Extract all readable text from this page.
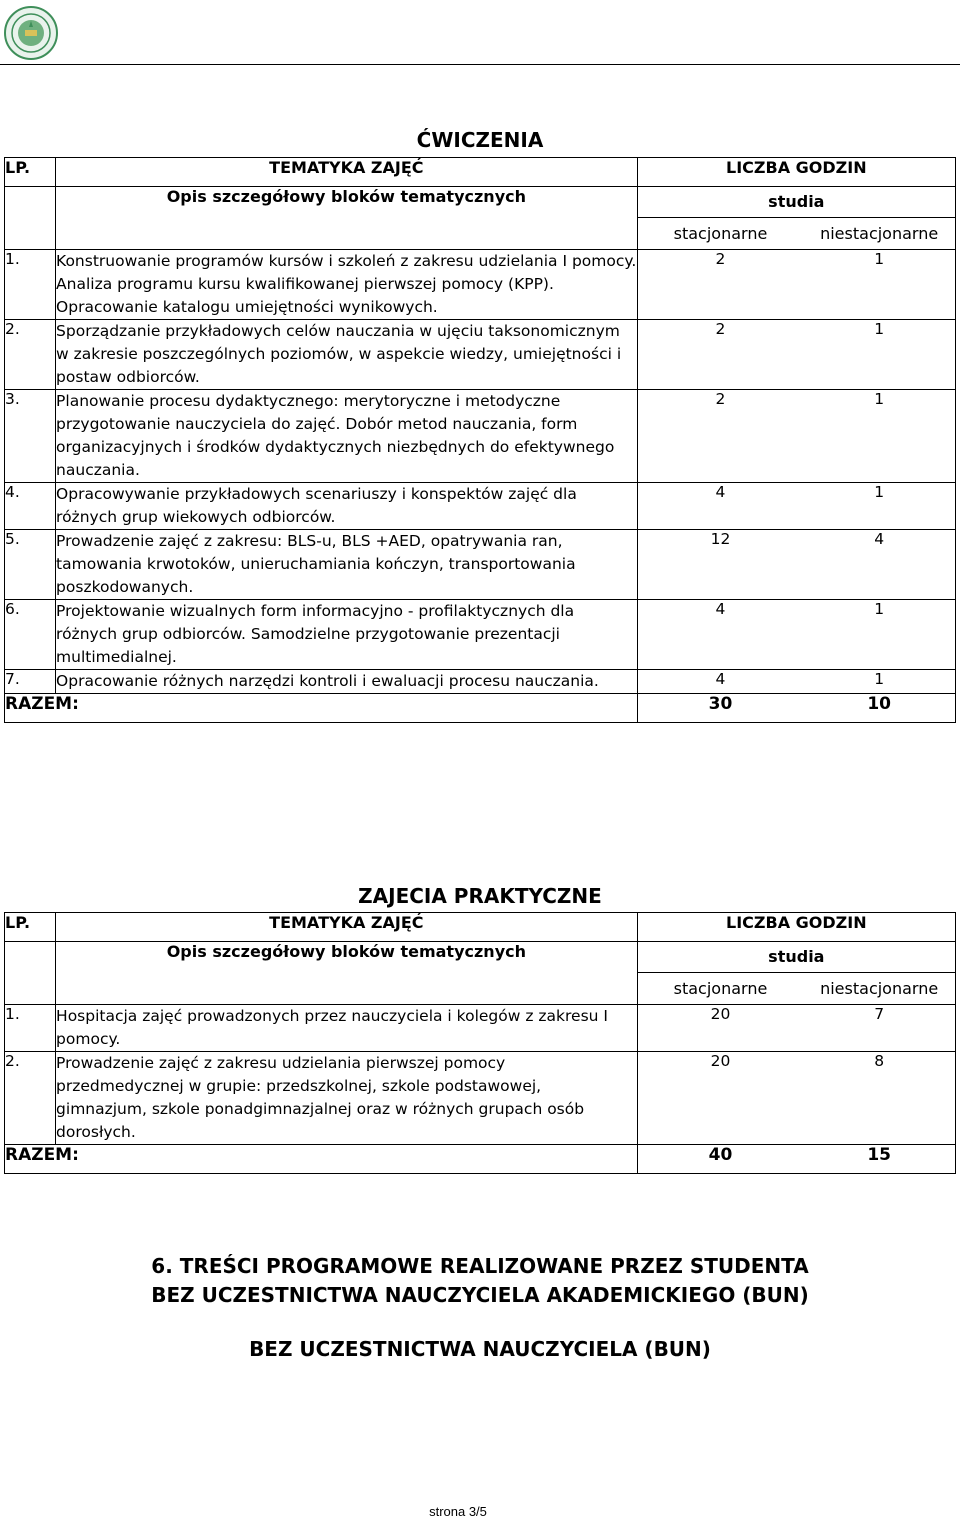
ĆWICZENIA
LP.	TEMATYKA ZAJĘĆ	LICZBA GODZIN
	Opis szczegółowy bloków tematycznych	studia
stacjonarne niestacjonarne

1.	Konstruowanie programów kursów i szkoleń z zakresu udzielania I pomocy. Analiza programu kursu kwalifikowanej pierwszej pomocy (KPP). Opracowanie katalogu umiejętności wynikowych.	2 1

2.	Sporządzanie przykładowych celów nauczania w ujęciu taksonomicznym w zakresie poszczególnych poziomów, w aspekcie wiedzy, umiejętności i postaw odbiorców.	2 1

3.	Planowanie procesu dydaktycznego: merytoryczne i metodyczne przygotowanie nauczyciela do zajęć. Dobór metod nauczania, form organizacyjnych i środków dydaktycznych niezbędnych do efektywnego nauczania.	2 1

4.	Opracowywanie przykładowych scenariuszy i konspektów zajęć dla różnych grup wiekowych odbiorców.	4 1

5.	Prowadzenie zajęć z zakresu: BLS-u, BLS +AED, opatrywania ran, tamowania krwotoków, unieruchamiania kończyn, transportowania poszkodowanych.	12 4

6.	Projektowanie wizualnych form informacyjno - profilaktycznych dla różnych grup odbiorców. Samodzielne przygotowanie prezentacji multimedialnej.	4 1

7.	Opracowanie różnych narzędzi kontroli i ewaluacji procesu nauczania.	4 1

RAZEM:		30 10
ZAJECIA PRAKTYCZNE
LP.	TEMATYKA ZAJĘĆ	LICZBA GODZIN
	Opis szczegółowy bloków tematycznych	studia
stacjonarne niestacjonarne

1.	Hospitacja zajęć prowadzonych przez nauczyciela i kolegów z zakresu I pomocy.	20 7

2.	Prowadzenie zajęć z zakresu udzielania pierwszej pomocy przedmedycznej w grupie: przedszkolnej, szkole podstawowej, gimnazjum, szkole ponadgimnazjalnej oraz w różnych grupach osób dorosłych.	20 8

RAZEM:		40 15
6. TREŚCI PROGRAMOWE REALIZOWANE PRZEZ STUDENTA
BEZ UCZESTNICTWA NAUCZYCIELA AKADEMICKIEGO (BUN)
BEZ UCZESTNICTWA NAUCZYCIELA (BUN)
strona 3/5
